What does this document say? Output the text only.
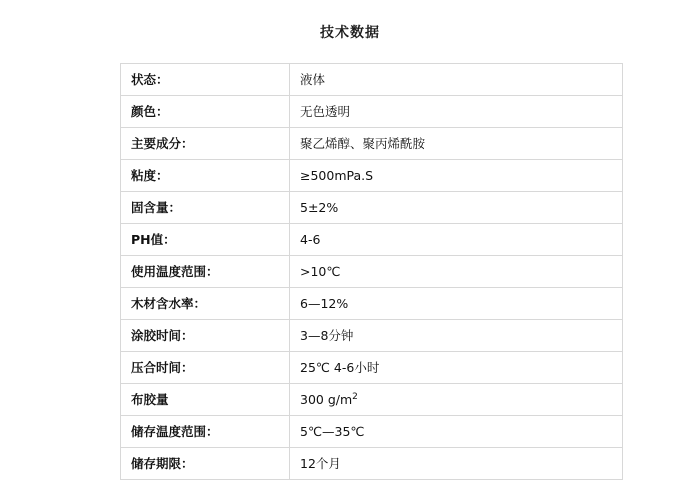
技术数据
状态：	液体
颜色：	无色透明
主要成分：	聚乙烯醇、聚丙烯酰胺
粘度：	≥500mPa.S
固含量：	5±2%
PH值：	4-6
使用温度范围：	>10℃
木材含水率：	6—12%
涂胶时间：	3—8分钟
压合时间：	25℃ 4-6小时
布胶量	300 $g/m^2$
储存温度范围：	5℃—35℃
储存期限：	12个月
